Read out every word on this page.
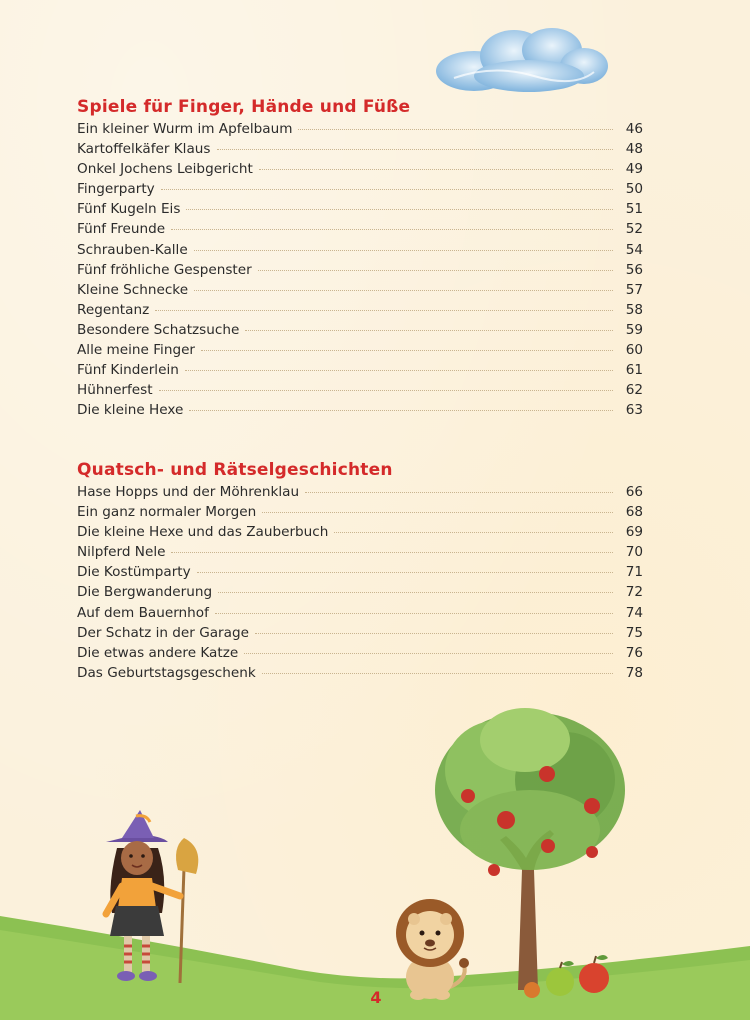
Spiele für Finger, Hände und Füße
Ein kleiner Wurm im Apfelbaum	46
Kartoffelkäfer Klaus	48
Onkel Jochens Leibgericht	49
Fingerparty	50
Fünf Kugeln Eis	51
Fünf Freunde	52
Schrauben-Kalle	54
Fünf fröhliche Gespenster	56
Kleine Schnecke	57
Regentanz	58
Besondere Schatzsuche	59
Alle meine Finger	60
Fünf Kinderlein	61
Hühnerfest	62
Die kleine Hexe	63
Quatsch- und Rätselgeschichten
Hase Hopps und der Möhrenklau	66
Ein ganz normaler Morgen	68
Die kleine Hexe und das Zauberbuch	69
Nilpferd Nele	70
Die Kostümparty	71
Die Bergwanderung	72
Auf dem Bauernhof	74
Der Schatz in der Garage	75
Die etwas andere Katze	76
Das Geburtstagsgeschenk	78
4
